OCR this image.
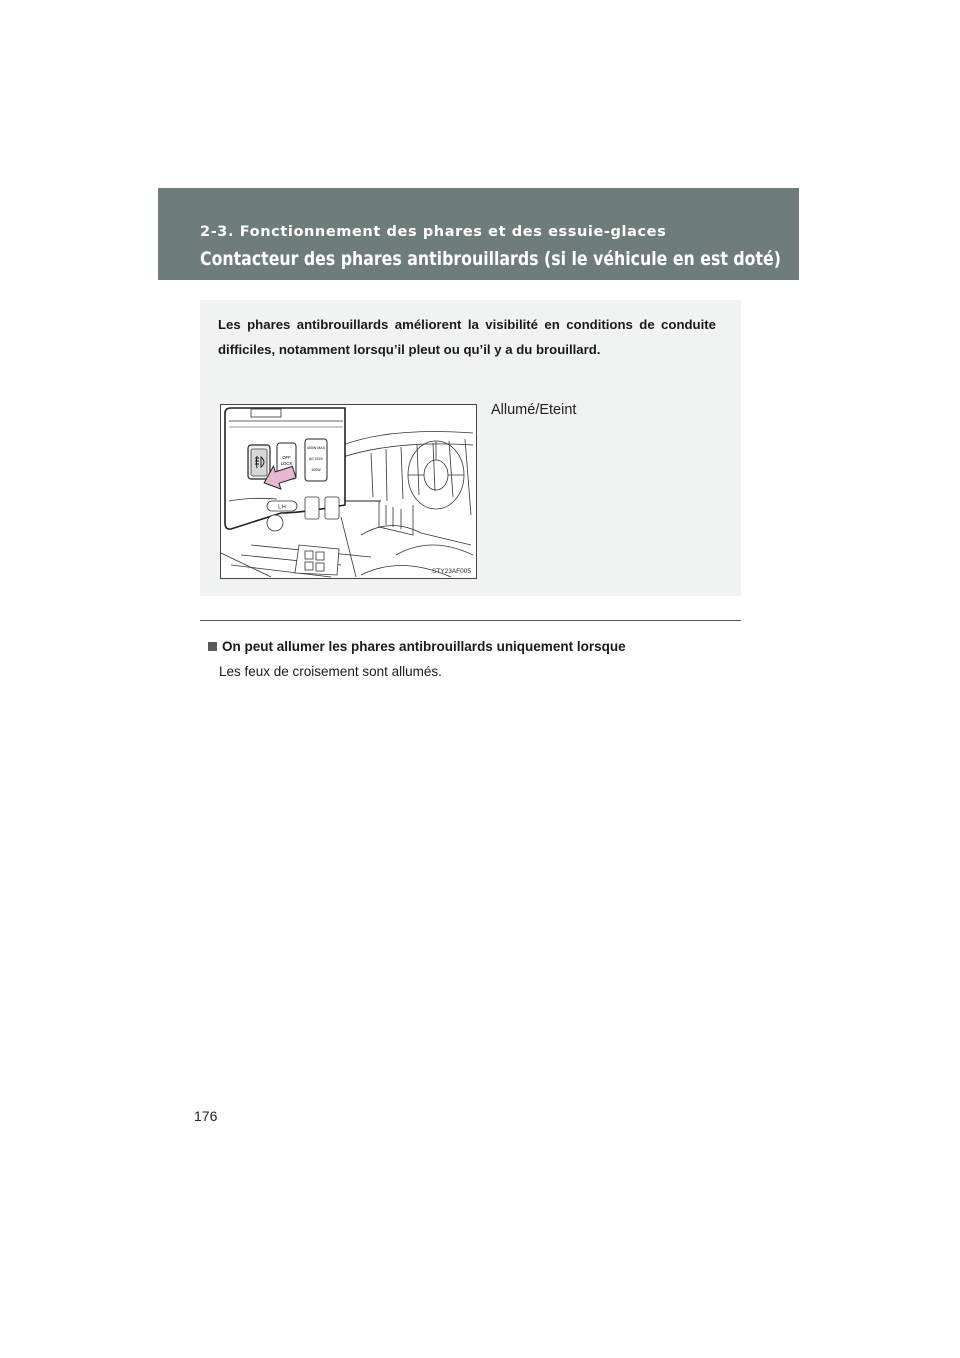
2-3. Fonctionnement des phares et des essuie-glaces
Contacteur des phares antibrouillards (si le véhicule en est doté)

Les phares antibrouillards améliorent la visibilité en conditions de conduite difficiles, notamment lorsqu’il pleut ou qu’il y a du brouillard.

OFF
LOCK
400W MAX
AC 115V
100W
L H
STY23AF005
Allumé/Eteint
On peut allumer les phares antibrouillards uniquement lorsque
Les feux de croisement sont allumés.
176
